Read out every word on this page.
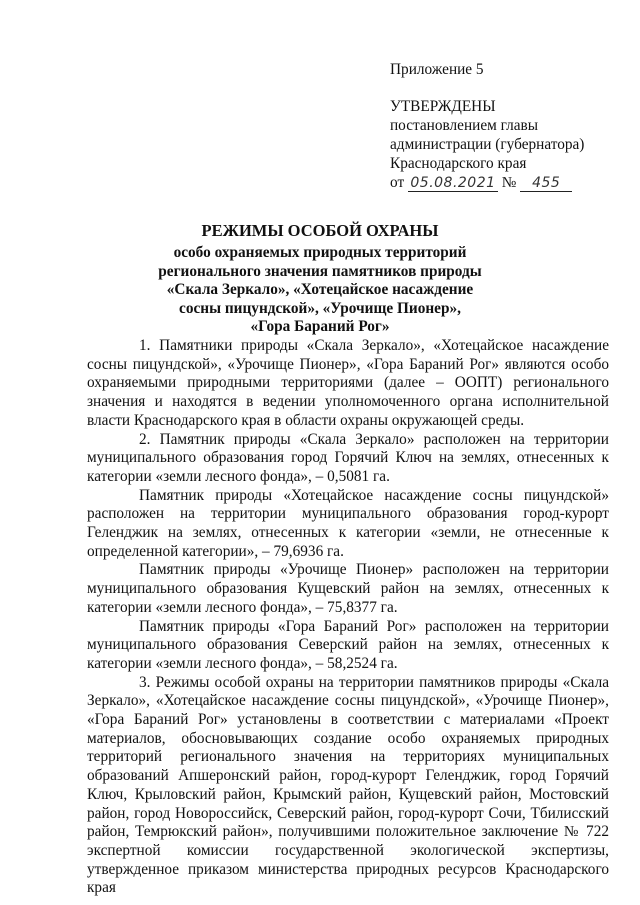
Приложение 5
УТВЕРЖДЕНЫ
постановлением главы
администрации (губернатора)
Краснодарского края
от 05.08.2021 № 455
РЕЖИМЫ ОСОБОЙ ОХРАНЫ
особо охраняемых природных территорий
регионального значения памятников природы
«Скала Зеркало», «Хотецайское насаждение
сосны пицундской», «Урочище Пионер»,
«Гора Бараний Рог»

1. Памятники природы «Скала Зеркало», «Хотецайское насаждение сосны пицундской», «Урочище Пионер», «Гора Бараний Рог» являются особо охраняемыми природными территориями (далее – ООПТ) регионального значения и находятся в ведении уполномоченного органа исполнительной власти Краснодарского края в области охраны окружающей среды.

2. Памятник природы «Скала Зеркало» расположен на территории муниципального образования город Горячий Ключ на землях, отнесенных к категории «земли лесного фонда», – 0,5081 га.

Памятник природы «Хотецайское насаждение сосны пицундской» расположен на территории муниципального образования город-курорт Геленджик на землях, отнесенных к категории «земли, не отнесенные к определенной категории», – 79,6936 га.

Памятник природы «Урочище Пионер» расположен на территории муниципального образования Кущевский район на землях, отнесенных к категории «земли лесного фонда», – 75,8377 га.

Памятник природы «Гора Бараний Рог» расположен на территории муниципального образования Северский район на землях, отнесенных к категории «земли лесного фонда», – 58,2524 га.

3. Режимы особой охраны на территории памятников природы «Скала Зеркало», «Хотецайское насаждение сосны пицундской», «Урочище Пионер», «Гора Бараний Рог» установлены в соответствии с материалами «Проект материалов, обосновывающих создание особо охраняемых природных территорий регионального значения на территориях муниципальных образований Апшеронский район, город-курорт Геленджик, город Горячий Ключ, Крыловский район, Крымский район, Кущевский район, Мостовский район, город Новороссийск, Северский район, город-курорт Сочи, Тбилисский район, Темрюкский район», получившими положительное заключение № 722 экспертной комиссии государственной экологической экспертизы, утвержденное приказом министерства природных ресурсов Краснодарского края
